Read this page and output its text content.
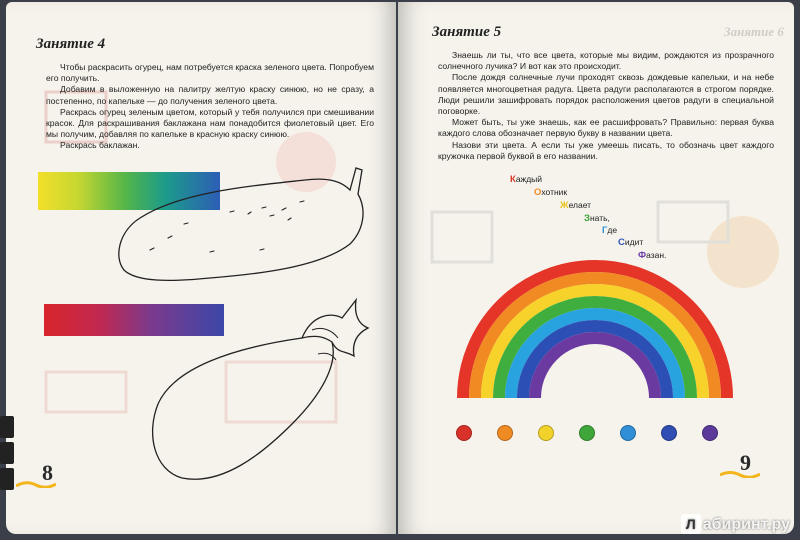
Занятие 4

Чтобы раскрасить огурец, нам потребуется краска зеленого цвета. Попробуем его получить.

Добавим в выложенную на палитру желтую краску синюю, но не сразу, а постепенно, по капельке — до получения зеленого цвета.

Раскрась огурец зеленым цветом, который у тебя получился при смешивании красок. Для раскрашивания баклажана нам понадобится фиолетовый цвет. Его мы получим, добавляя по капельке в красную краску синюю.

Раскрась баклажан.

8
Занятие 6
Занятие 5

Знаешь ли ты, что все цвета, которые мы видим, рождаются из прозрачного солнечного лучика? И вот как это происходит.

После дождя солнечные лучи проходят сквозь дождевые капельки, и на небе появляется многоцветная радуга. Цвета радуги располагаются в строгом порядке. Люди решили зашифровать порядок расположения цветов радуги в специальной поговорке.

Может быть, ты уже знаешь, как ее расшифровать? Правильно: первая буква каждого слова обозначает первую букву в названии цвета.

Назови эти цвета. А если ты уже умеешь писать, то обозначь цвет каждого кружочка первой буквой в его названии.

Каждый
Охотник
Желает
Знать,
Где
Сидит
Фазан.
9
Л абиринт.ру
